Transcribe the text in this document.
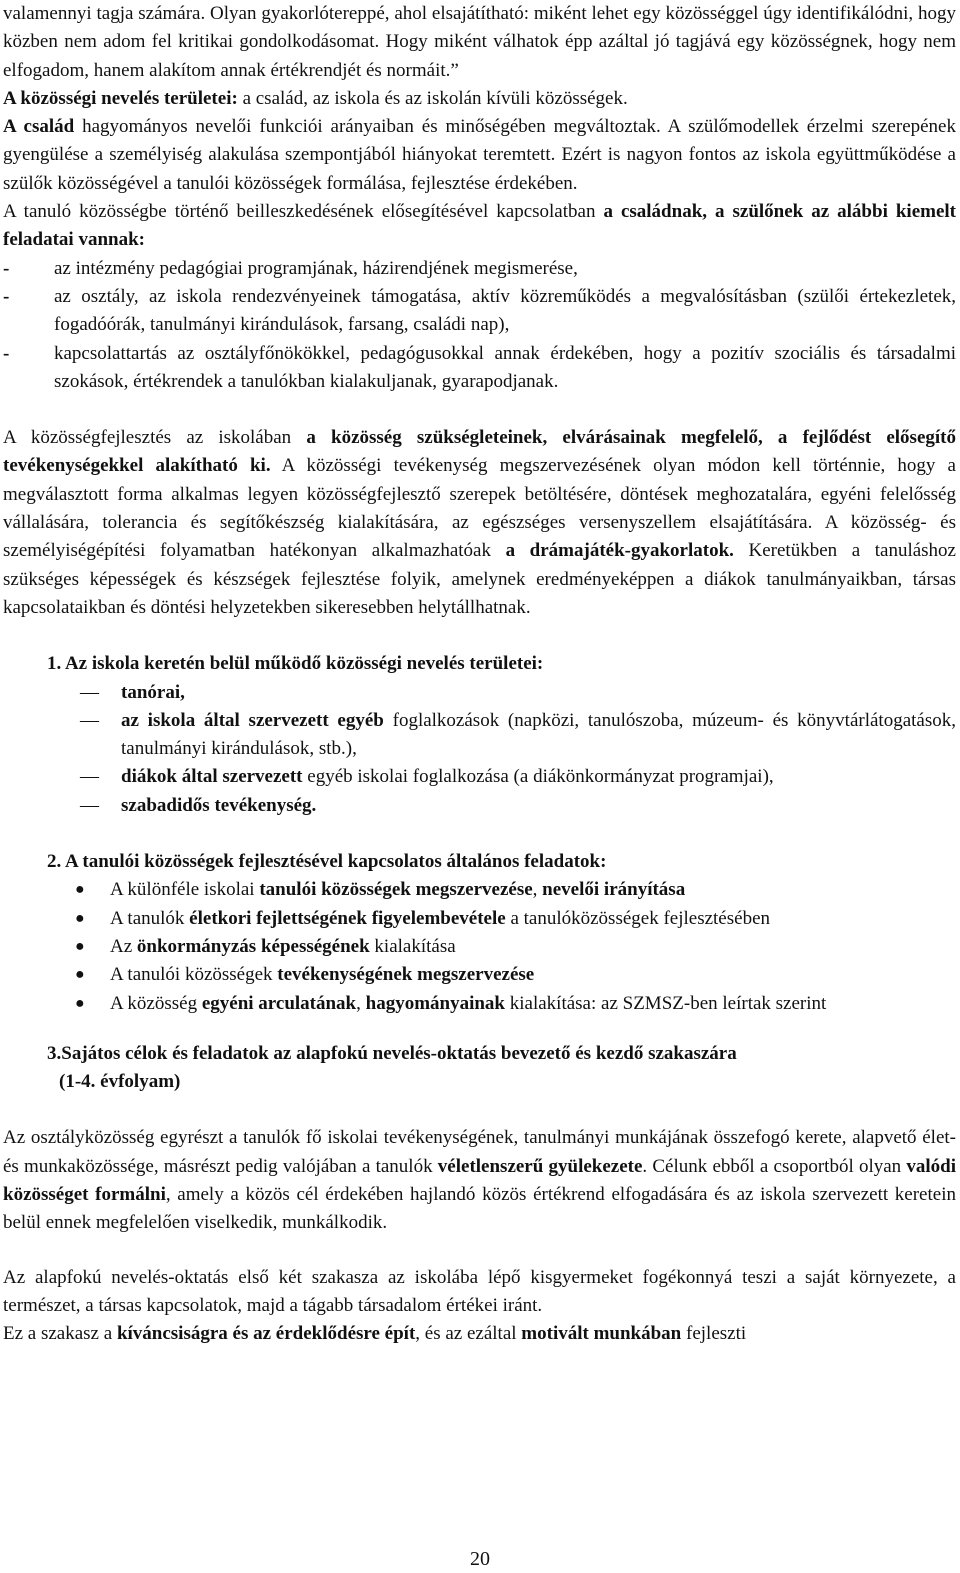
valamennyi tagja számára. Olyan gyakorlótereppé, ahol elsajátítható: miként lehet egy közösséggel úgy identifikálódni, hogy közben nem adom fel kritikai gondolkodásomat. Hogy miként válhatok épp azáltal jó tagjává egy közösségnek, hogy nem elfogadom, hanem alakítom annak értékrendjét és normáit.”

A közösségi nevelés területei: a család, az iskola és az iskolán kívüli közösségek.

A család hagyományos nevelői funkciói arányaiban és minőségében megváltoztak. A szülőmodellek érzelmi szerepének gyengülése a személyiség alakulása szempontjából hiányokat teremtett. Ezért is nagyon fontos az iskola együttműködése a szülők közösségével a tanulói közösségek formálása, fejlesztése érdekében.

A tanuló közösségbe történő beilleszkedésének elősegítésével kapcsolatban a családnak, a szülőnek az alábbi kiemelt feladatai vannak:

- az intézmény pedagógiai programjának, házirendjének megismerése,
- az osztály, az iskola rendezvényeinek támogatása, aktív közreműködés a megvalósításban (szülői értekezletek, fogadóórák, tanulmányi kirándulások, farsang, családi nap),
- kapcsolattartás az osztályfőnökökkel, pedagógusokkal annak érdekében, hogy a pozitív szociális és társadalmi szokások, értékrendek a tanulókban kialakuljanak, gyarapodjanak.

A közösségfejlesztés az iskolában a közösség szükségleteinek, elvárásainak megfelelő, a fejlődést elősegítő tevékenységekkel alakítható ki. A közösségi tevékenység megszervezésének olyan módon kell történnie, hogy a megválasztott forma alkalmas legyen közösségfejlesztő szerepek betöltésére, döntések meghozatalára, egyéni felelősség vállalására, tolerancia és segítőkészség kialakítására, az egészséges versenyszellem elsajátítására. A közösség- és személyiségépítési folyamatban hatékonyan alkalmazhatóak a drámajáték-gyakorlatok. Keretükben a tanuláshoz szükséges képességek és készségek fejlesztése folyik, amelynek eredményeképpen a diákok tanulmányaikban, társas kapcsolataikban és döntési helyzetekben sikeresebben helytállhatnak.

1. Az iskola keretén belül működő közösségi nevelés területei:

— tanórai,
— az iskola által szervezett egyéb foglalkozások (napközi, tanulószoba, múzeum- és könyvtárlátogatások, tanulmányi kirándulások, stb.),
— diákok által szervezett egyéb iskolai foglalkozása (a diákönkormányzat programjai),
— szabadidős tevékenység.

2. A tanulói közösségek fejlesztésével kapcsolatos általános feladatok:

● A különféle iskolai tanulói közösségek megszervezése, nevelői irányítása
● A tanulók életkori fejlettségének figyelembevétele a tanulóközösségek fejlesztésében
● Az önkormányzás képességének kialakítása
● A tanulói közösségek tevékenységének megszervezése
● A közösség egyéni arculatának, hagyományainak kialakítása: az SZMSZ-ben leírtak szerint

3.Sajátos célok és feladatok az alapfokú nevelés-oktatás bevezető és kezdő szakaszára

(1-4. évfolyam)

Az osztályközösség egyrészt a tanulók fő iskolai tevékenységének, tanulmányi munkájának összefogó kerete, alapvető élet- és munkaközössége, másrészt pedig valójában a tanulók véletlenszerű gyülekezete. Célunk ebből a csoportból olyan valódi közösséget formálni, amely a közös cél érdekében hajlandó közös értékrend elfogadására és az iskola szervezett keretein belül ennek megfelelően viselkedik, munkálkodik.

Az alapfokú nevelés-oktatás első két szakasza az iskolába lépő kisgyermeket fogékonnyá teszi a saját környezete, a természet, a társas kapcsolatok, majd a tágabb társadalom értékei iránt.

Ez a szakasz a kíváncsiságra és az érdeklődésre épít, és az ezáltal motivált munkában fejleszti

20
